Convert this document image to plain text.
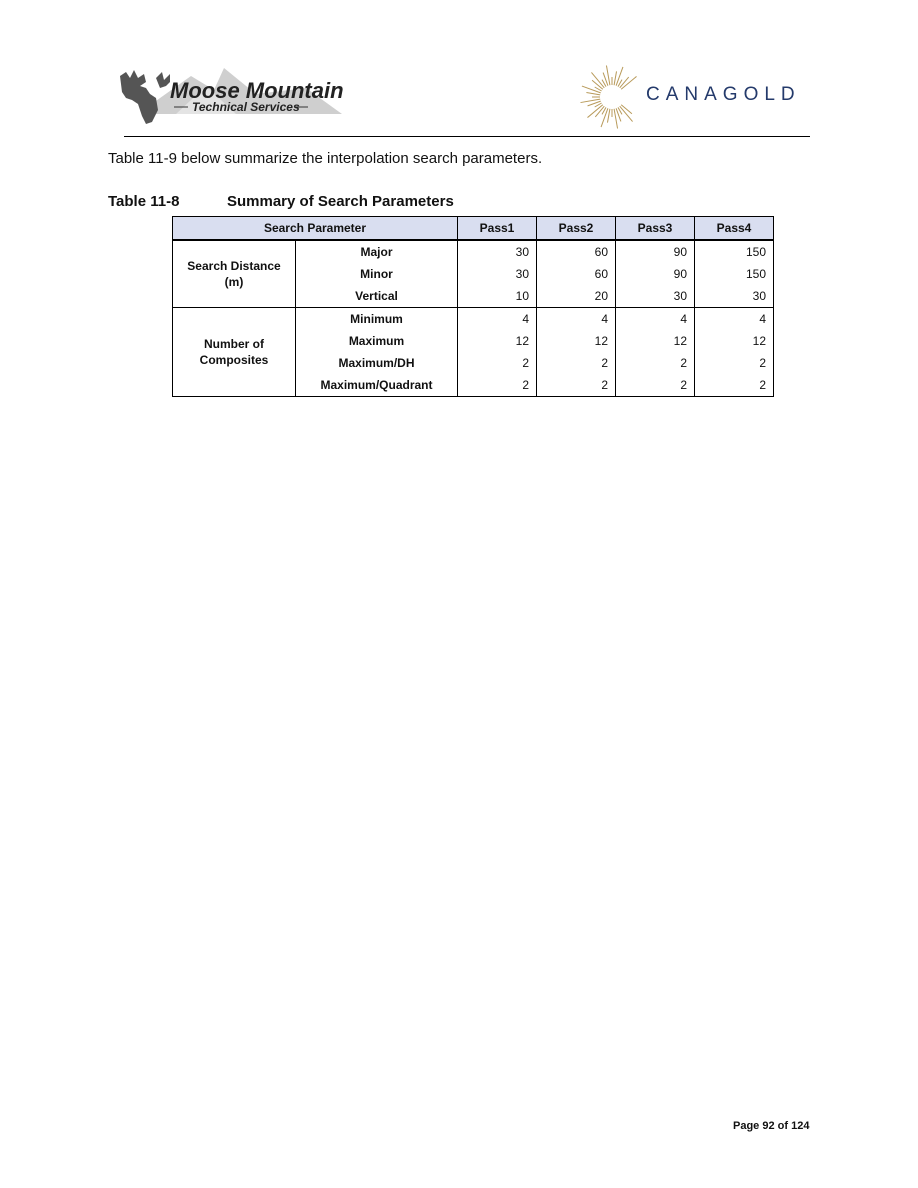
Moose Mountain
Technical Services
CANAGOLD
Table 11-9 below summarize the interpolation search parameters.
Table 11-8	Summary of Search Parameters
Search Parameter		Pass1	Pass2	Pass3	Pass4
Search Distance
(m)	Major	30	60	90	150
	Minor	30	60	90	150
	Vertical	10	20	30	30
Number of
Composites	Minimum	4	4	4	4
	Maximum	12	12	12	12
	Maximum/DH	2	2	2	2
	Maximum/Quadrant	2	2	2	2
Page 92 of 124
